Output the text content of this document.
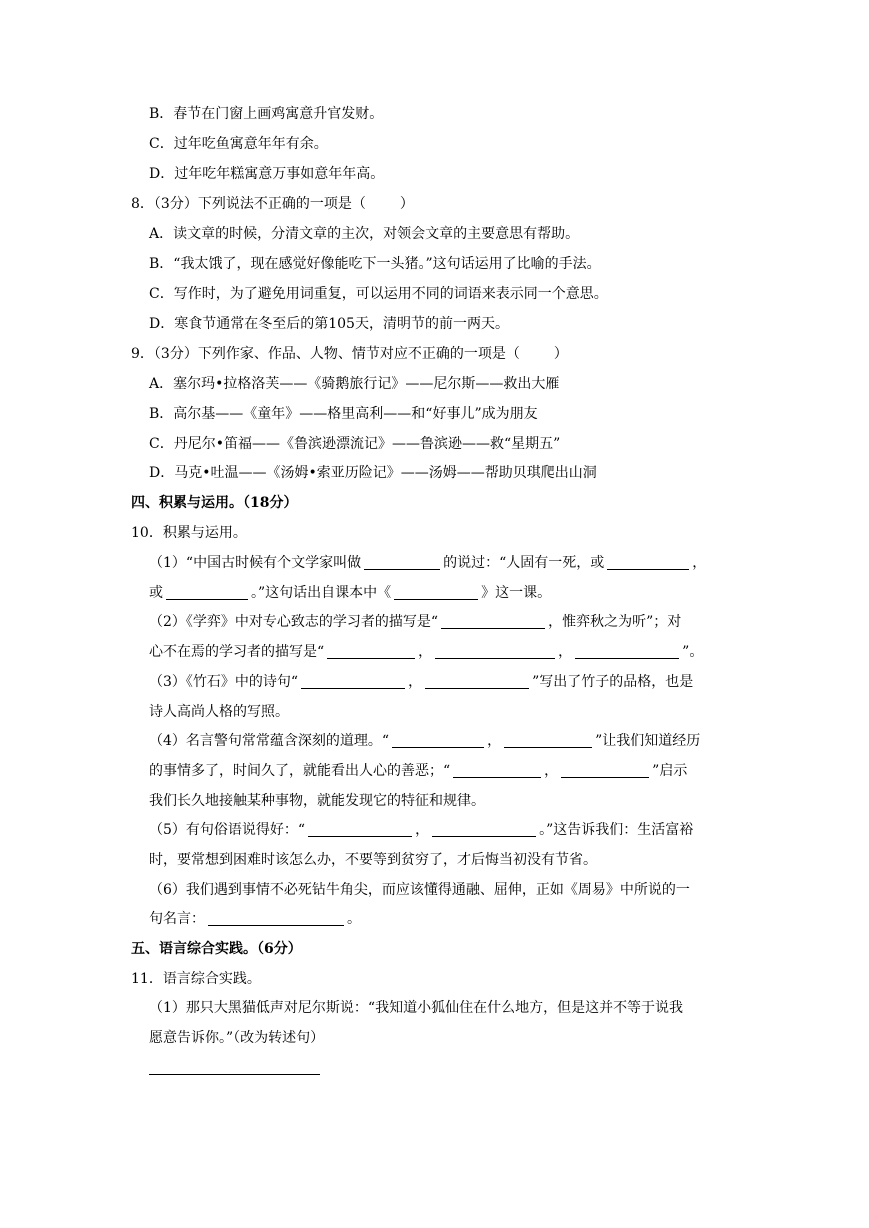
B．春节在门窗上画鸡寓意升官发财。
C．过年吃鱼寓意年年有余。
D．过年吃年糕寓意万事如意年年高。
8．（3分）下列说法不正确的一项是（ ）
A．读文章的时候，分清文章的主次，对领会文章的主要意思有帮助。
B．“我太饿了，现在感觉好像能吃下一头猪。”这句话运用了比喻的手法。
C．写作时，为了避免用词重复，可以运用不同的词语来表示同一个意思。
D．寒食节通常在冬至后的第105天，清明节的前一两天。
9．（3分）下列作家、作品、人物、情节对应不正确的一项是（ ）
A．塞尔玛•拉格洛芙——《骑鹅旅行记》——尼尔斯——救出大雁
B．高尔基——《童年》——格里高利——和“好事儿”成为朋友
C．丹尼尔•笛福——《鲁滨逊漂流记》——鲁滨逊——救“星期五”
D．马克•吐温——《汤姆•索亚历险记》——汤姆——帮助贝琪爬出山洞
四、积累与运用。（18分）
10．积累与运用。
（1）“中国古时候有个文学家叫做	的说过：“人固有一死，或	，
或	。”这句话出自课本中《	》这一课。
（2）《学弈》中对专心致志的学习者的描写是“	，惟弈秋之为听”；对
心不在焉的学习者的描写是“	，	，	”。
（3）《竹石》中的诗句“	，	”写出了竹子的品格，也是
诗人高尚人格的写照。
（4）名言警句常常蕴含深刻的道理。“	，	”让我们知道经历
的事情多了，时间久了，就能看出人心的善恶；“	，	”启示
我们长久地接触某种事物，就能发现它的特征和规律。
（5）有句俗语说得好：“	，	。”这告诉我们：生活富裕
时，要常想到困难时该怎么办，不要等到贫穷了，才后悔当初没有节省。
（6）我们遇到事情不必死钻牛角尖，而应该懂得通融、屈伸，正如《周易》中所说的一
句名言：	。
五、语言综合实践。（6分）
11．语言综合实践。
（1）那只大黑猫低声对尼尔斯说：“我知道小狐仙住在什么地方，但是这并不等于说我
愿意告诉你。”（改为转述句）
